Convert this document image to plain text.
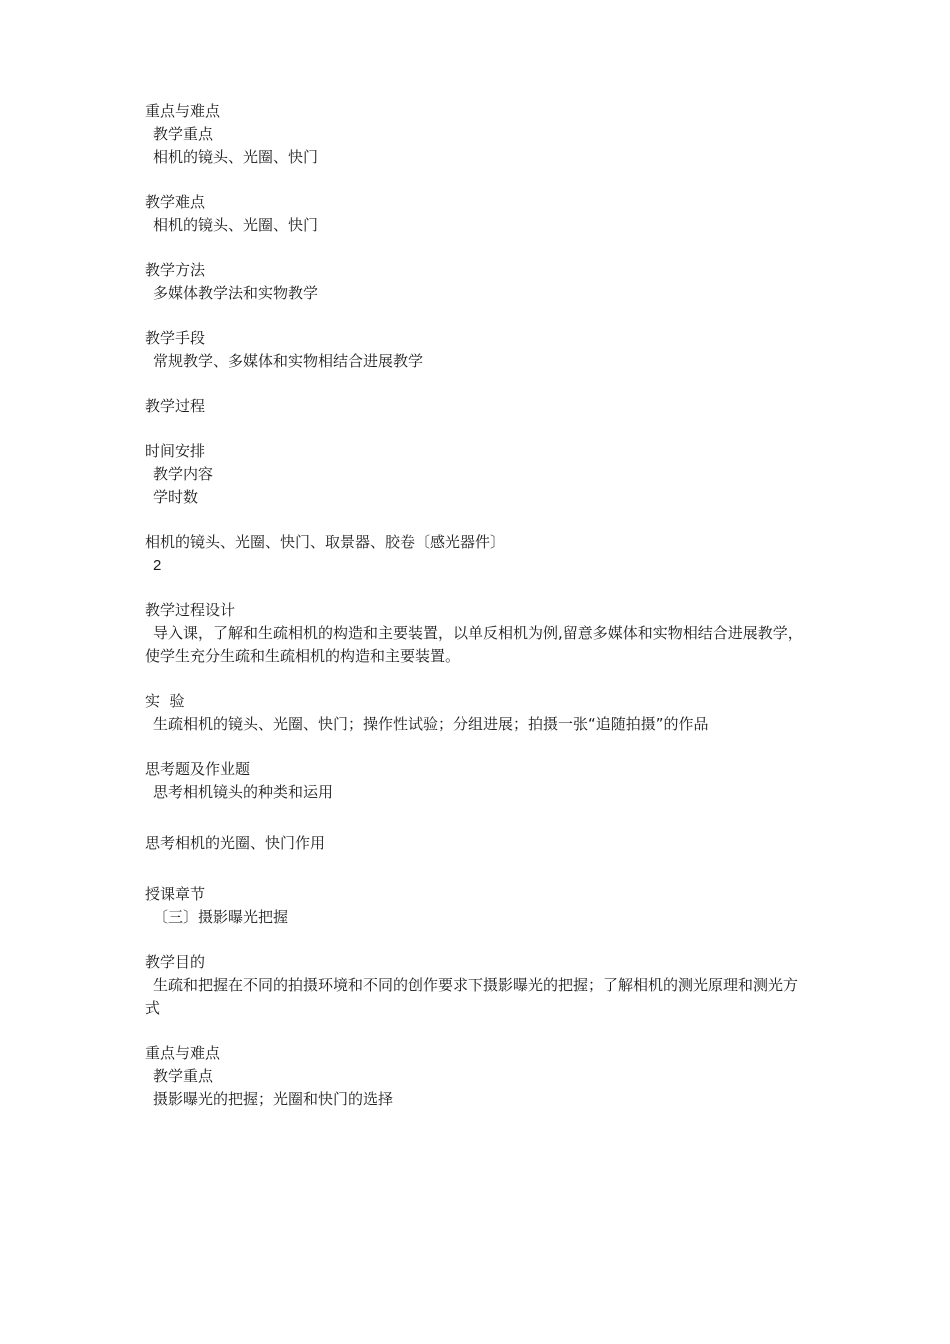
重点与难点

教学重点

相机的镜头、光圈、快门

教学难点

相机的镜头、光圈、快门

教学方法

多媒体教学法和实物教学

教学手段

常规教学、多媒体和实物相结合进展教学

教学过程

时间安排

教学内容

学时数

相机的镜头、光圈、快门、取景器、胶卷〔感光器件〕

2

教学过程设计

导入课，了解和生疏相机的构造和主要装置，以单反相机为例,留意多媒体和实物相结合进展教学，使学生充分生疏和生疏相机的构造和主要装置。

实  验

生疏相机的镜头、光圈、快门；操作性试验；分组进展；拍摄一张“追随拍摄”的作品

思考题及作业题

思考相机镜头的种类和运用

思考相机的光圈、快门作用

授课章节

〔三〕摄影曝光把握

教学目的

生疏和把握在不同的拍摄环境和不同的创作要求下摄影曝光的把握；了解相机的测光原理和测光方式

重点与难点

教学重点

摄影曝光的把握；光圈和快门的选择
